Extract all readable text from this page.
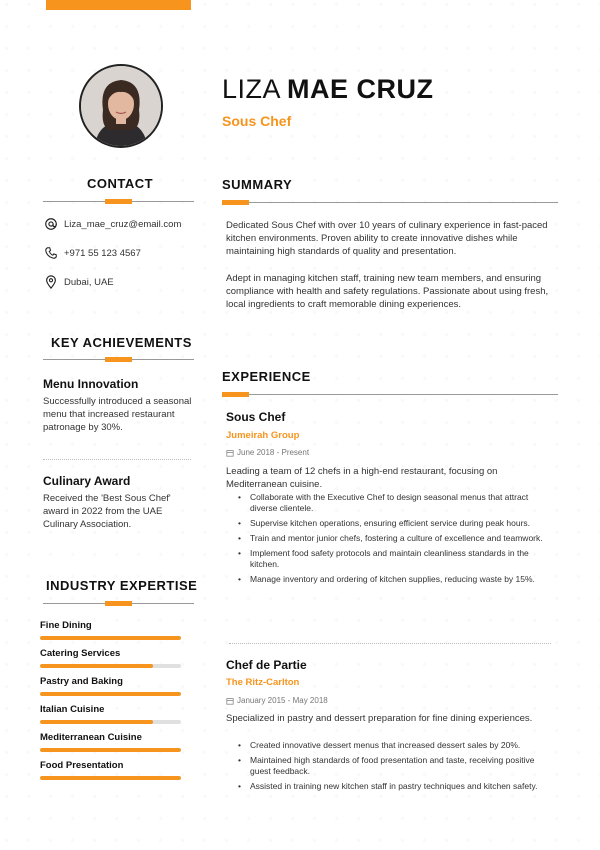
LIZA MAE CRUZ
Sous Chef
CONTACT
Liza_mae_cruz@email.com
+971 55 123 4567
Dubai, UAE
KEY ACHIEVEMENTS
Menu Innovation
Successfully introduced a seasonal menu that increased restaurant patronage by 30%.
Culinary Award
Received the 'Best Sous Chef' award in 2022 from the UAE Culinary Association.
INDUSTRY EXPERTISE
Fine Dining
Catering Services
Pastry and Baking
Italian Cuisine
Mediterranean Cuisine
Food Presentation
SUMMARY
Dedicated Sous Chef with over 10 years of culinary experience in fast-paced kitchen environments. Proven ability to create innovative dishes while maintaining high standards of quality and presentation.
Adept in managing kitchen staff, training new team members, and ensuring compliance with health and safety regulations. Passionate about using fresh, local ingredients to craft memorable dining experiences.
EXPERIENCE
Sous Chef
Jumeirah Group
June 2018 - Present
Leading a team of 12 chefs in a high-end restaurant, focusing on Mediterranean cuisine.
• Collaborate with the Executive Chef to design seasonal menus that attract diverse clientele.
• Supervise kitchen operations, ensuring efficient service during peak hours.
• Train and mentor junior chefs, fostering a culture of excellence and teamwork.
• Implement food safety protocols and maintain cleanliness standards in the kitchen.
• Manage inventory and ordering of kitchen supplies, reducing waste by 15%.
Chef de Partie
The Ritz-Carlton
January 2015 - May 2018
Specialized in pastry and dessert preparation for fine dining experiences.
• Created innovative dessert menus that increased dessert sales by 20%.
• Maintained high standards of food presentation and taste, receiving positive guest feedback.
• Assisted in training new kitchen staff in pastry techniques and kitchen safety.
